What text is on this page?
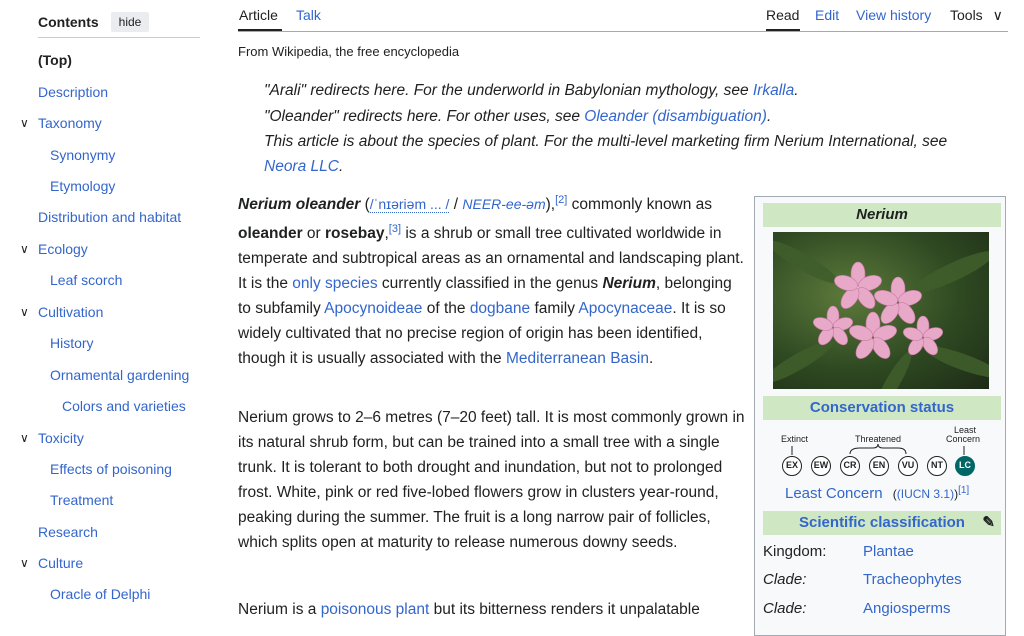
Contents	hide
(Top)
Description
∨ Taxonomy
Synonymy
Etymology
Distribution and habitat
∨ Ecology
Leaf scorch
∨ Cultivation
History
Ornamental gardening
Colors and varieties
∨ Toxicity
Effects of poisoning
Treatment
Research
∨ Culture
Oracle of Delphi
Article Talk	Read Edit View history Tools ∨
From Wikipedia, the free encyclopedia
"Arali" redirects here. For the underworld in Babylonian mythology, see Irkalla.
"Oleander" redirects here. For other uses, see Oleander (disambiguation).
This article is about the species of plant. For the multi-level marketing firm Nerium International, see
Neora LLC.
Nerium oleander (/ˈnɪəriəm ... / / NEER-ee-əm),[2] commonly known as oleander or rosebay,[3] is a shrub or small tree cultivated worldwide in temperate and subtropical areas as an ornamental and landscaping plant. It is the only species currently classified in the genus Nerium, belonging to subfamily Apocynoideae of the dogbane family Apocynaceae. It is so widely cultivated that no precise region of origin has been identified, though it is usually associated with the Mediterranean Basin.
Nerium grows to 2–6 metres (7–20 feet) tall. It is most commonly grown in its natural shrub form, but can be trained into a small tree with a single trunk. It is tolerant to both drought and inundation, but not to prolonged frost. White, pink or red five-lobed flowers grow in clusters year-round, peaking during the summer. The fruit is a long narrow pair of follicles, which splits open at maturity to release numerous downy seeds.
Nerium is a poisonous plant but its bitterness renders it unpalatable
Nerium
Conservation status
Extinct	Threatened
Least
Concern
EX	EW	CR	EN	VU	NT	LC
Least Concern ((IUCN 3.1))[1]
Scientific classification ✎
Kingdom: Plantae
Clade:	Tracheophytes
Clade:	Angiosperms
